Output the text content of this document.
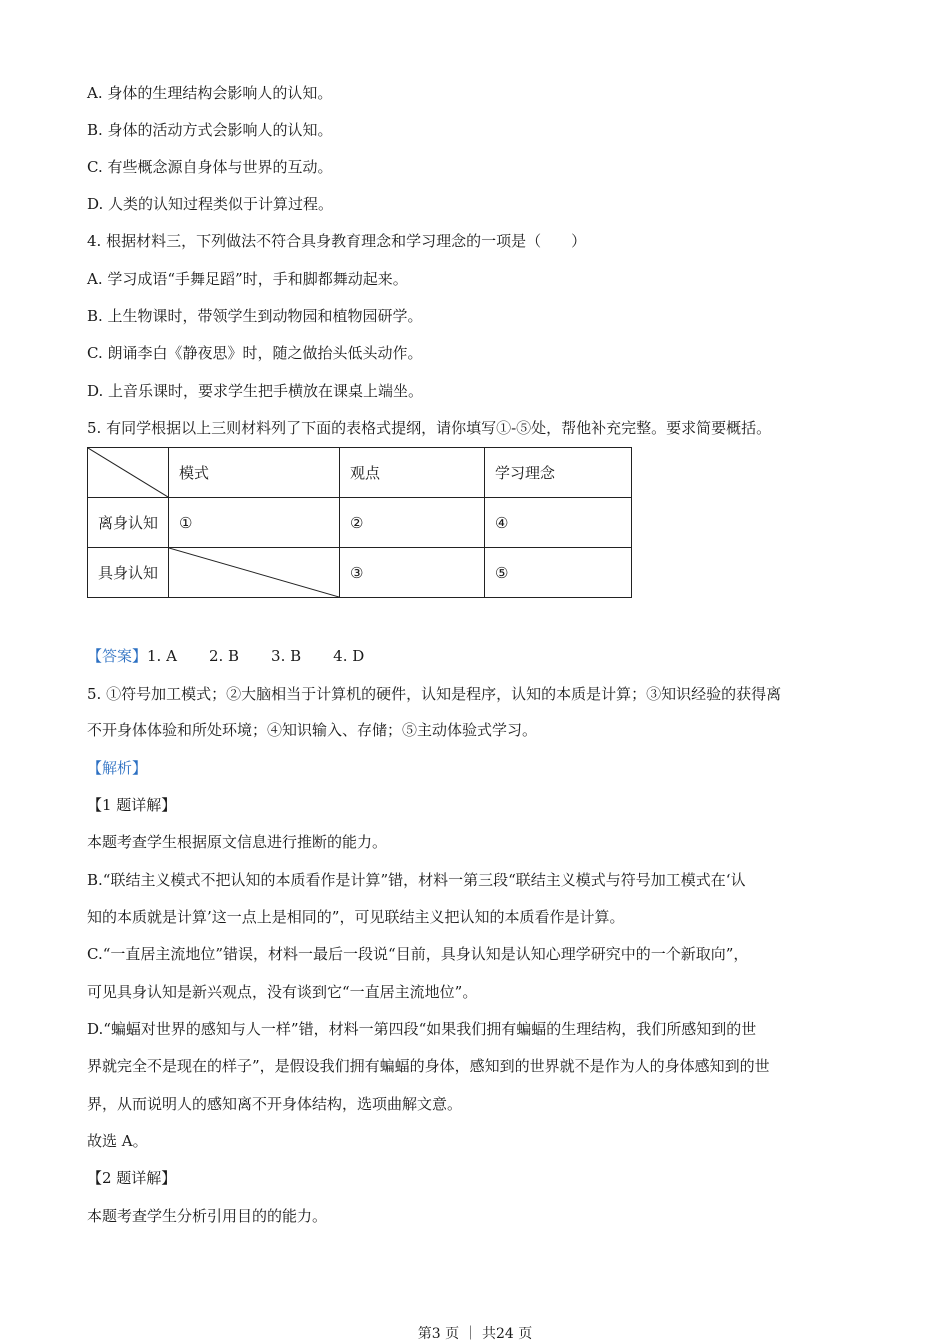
A. 身体的生理结构会影响人的认知。
B. 身体的活动方式会影响人的认知。
C. 有些概念源自身体与世界的互动。
D. 人类的认知过程类似于计算过程。
4. 根据材料三，下列做法不符合具身教育理念和学习理念的一项是（　　）
A. 学习成语“手舞足蹈”时，手和脚都舞动起来。
B. 上生物课时，带领学生到动物园和植物园研学。
C. 朗诵李白《静夜思》时，随之做抬头低头动作。
D. 上音乐课时，要求学生把手横放在课桌上端坐。
5. 有同学根据以上三则材料列了下面的表格式提纲，请你填写①-⑤处，帮他补充完整。要求简要概括。
	模式	观点	学习理念
离身认知	①	②	④
具身认知		③	⑤
【答案】1. A 2. B 3. B 4. D
5. ①符号加工模式；②大脑相当于计算机的硬件，认知是程序，认知的本质是计算；③知识经验的获得离
不开身体体验和所处环境；④知识输入、存储；⑤主动体验式学习。
【解析】
【1 题详解】
本题考查学生根据原文信息进行推断的能力。
B.“联结主义模式不把认知的本质看作是计算”错，材料一第三段“联结主义模式与符号加工模式在‘认
知的本质就是计算’这一点上是相同的”，可见联结主义把认知的本质看作是计算。
C.“一直居主流地位”错误，材料一最后一段说“目前，具身认知是认知心理学研究中的一个新取向”，
可见具身认知是新兴观点，没有谈到它“一直居主流地位”。
D.“蝙蝠对世界的感知与人一样”错，材料一第四段“如果我们拥有蝙蝠的生理结构，我们所感知到的世
界就完全不是现在的样子”，是假设我们拥有蝙蝠的身体，感知到的世界就不是作为人的身体感知到的世
界，从而说明人的感知离不开身体结构，选项曲解文意。
故选 A。
【2 题详解】
本题考查学生分析引用目的的能力。
第3 页 ｜ 共24 页
